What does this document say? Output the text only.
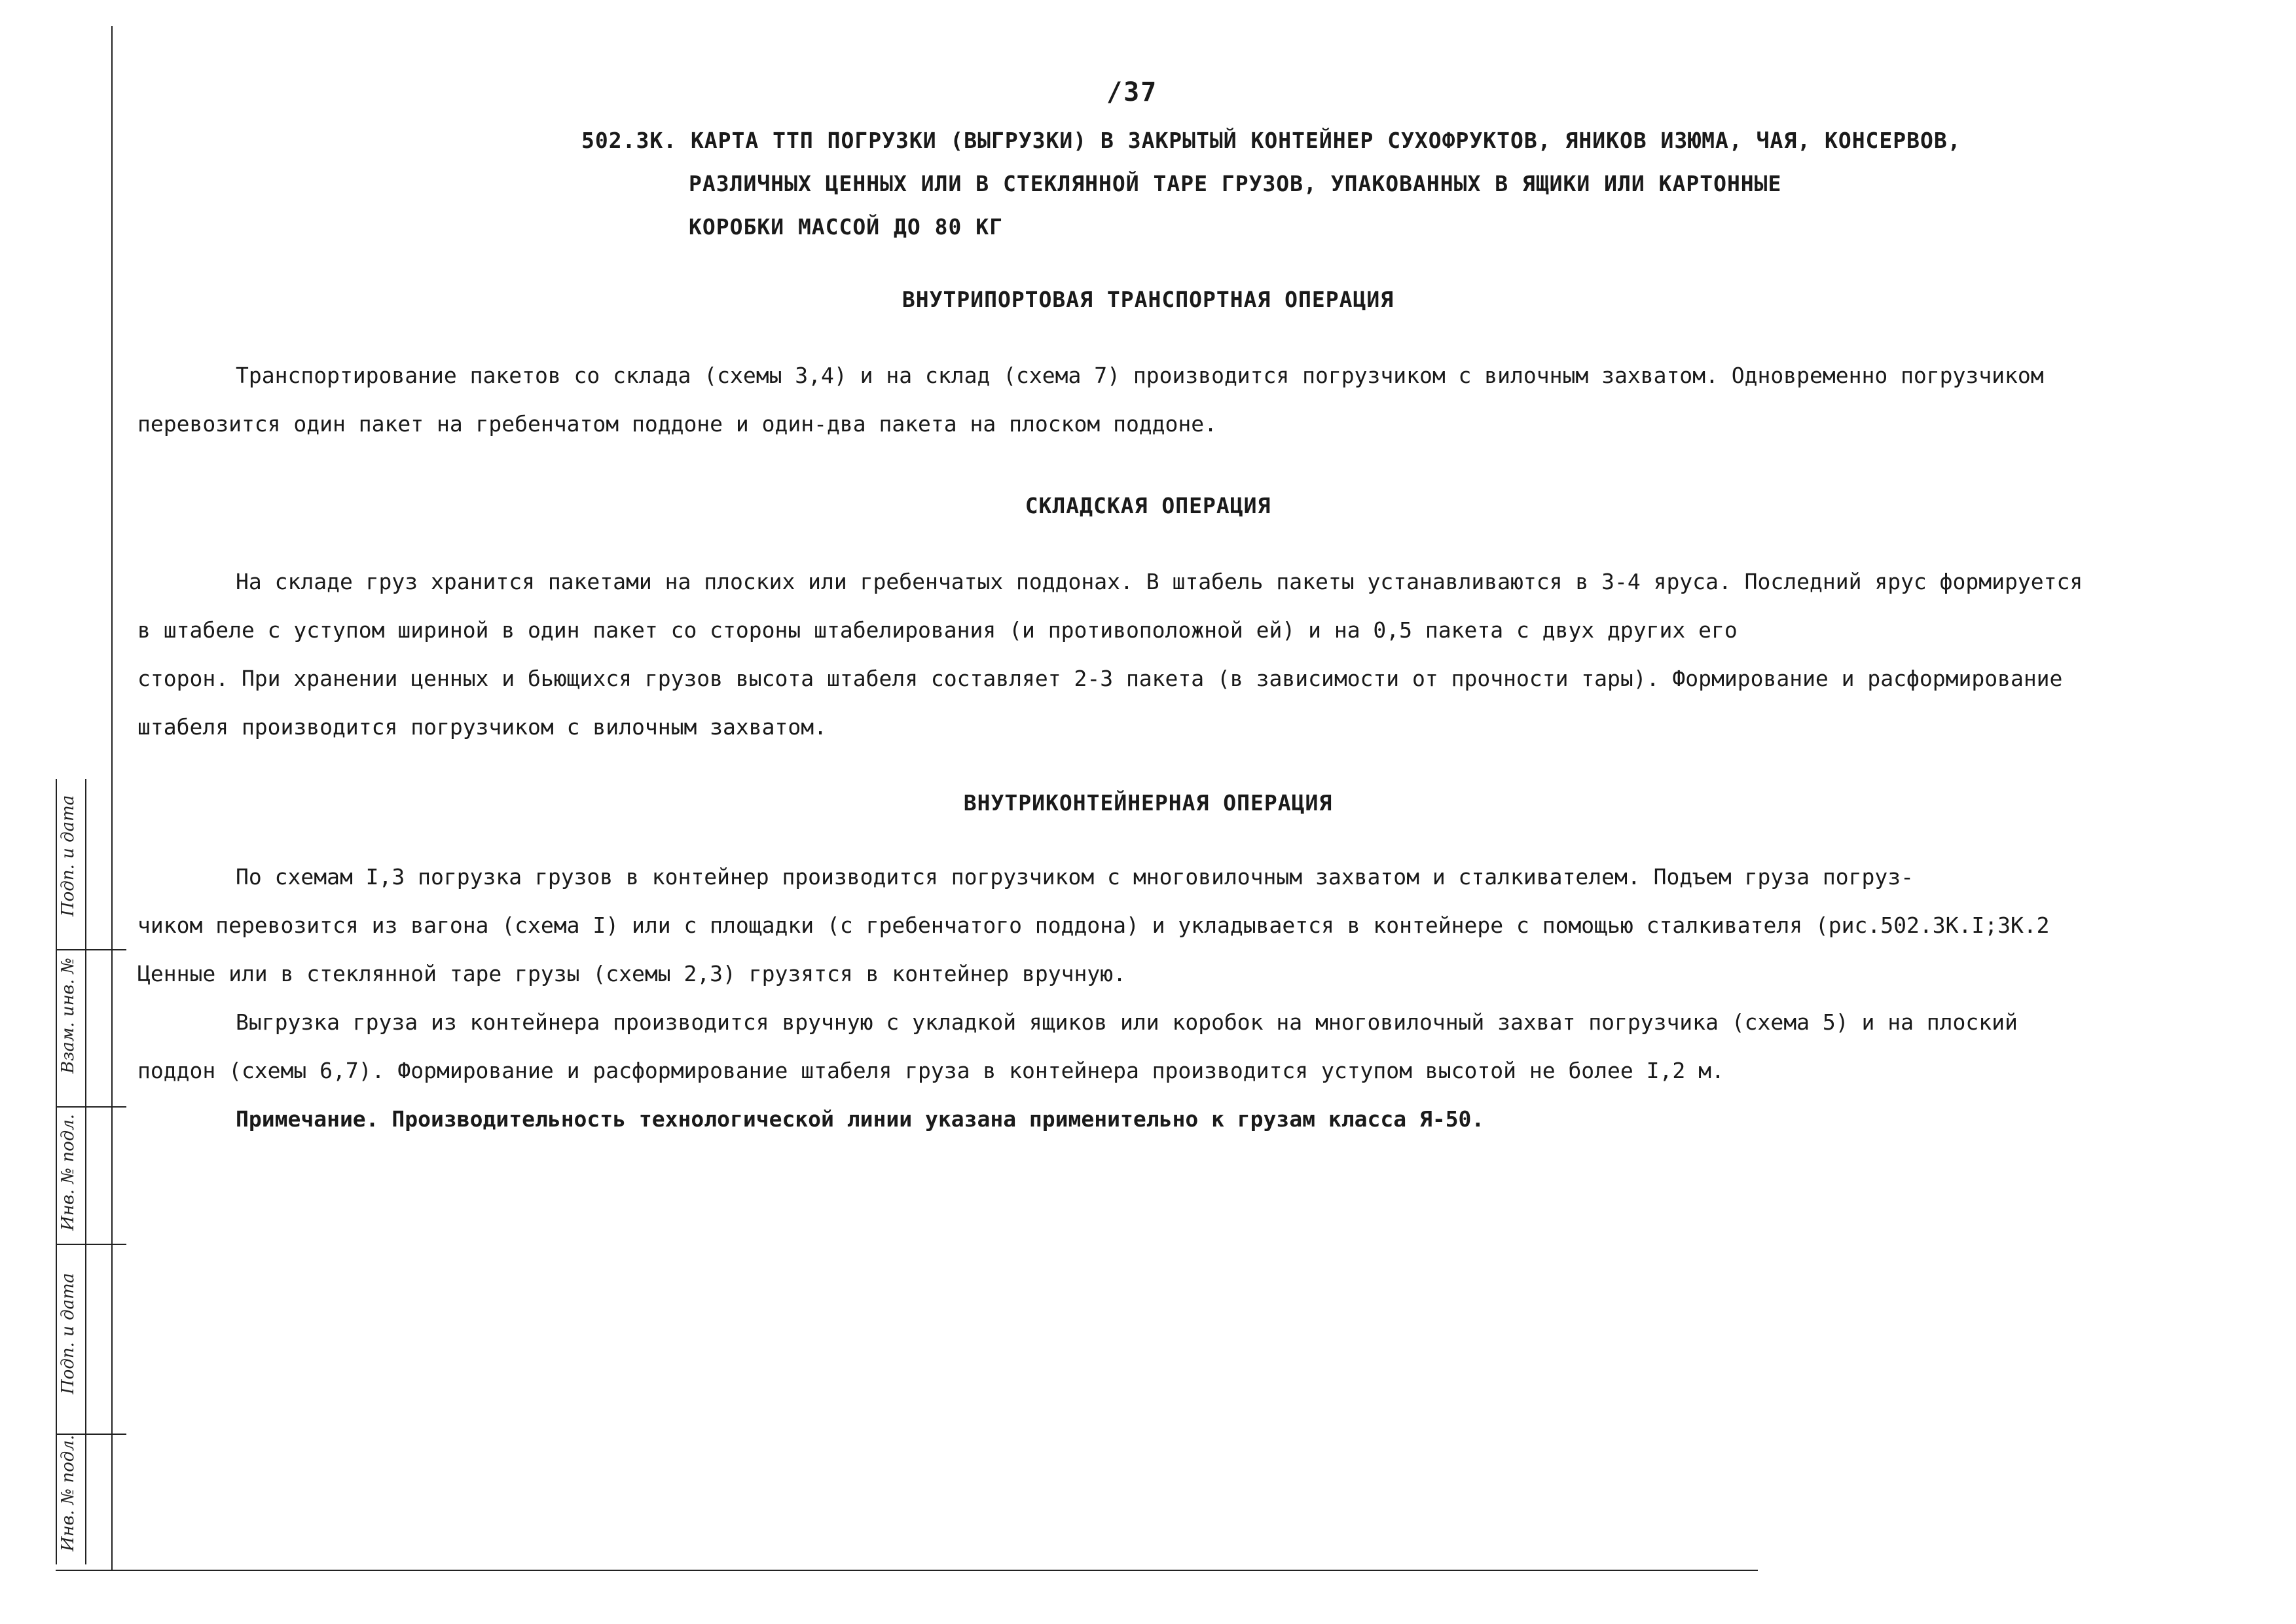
Подп. и дата
Взам. инв. №
Инв. № подл.
Подп. и дата
Инв. № подл.
/37
502.3К. КАРТА ТТП ПОГРУЗКИ (ВЫГРУЗКИ) В ЗАКРЫТЫЙ КОНТЕЙНЕР СУХОФРУКТОВ, ЯНИКОВ ИЗЮМА, ЧАЯ, КОНСЕРВОВ,
РАЗЛИЧНЫХ ЦЕННЫХ ИЛИ В СТЕКЛЯННОЙ ТАРЕ ГРУЗОВ, УПАКОВАННЫХ В ЯЩИКИ ИЛИ КАРТОННЫЕ
КОРОБКИ МАССОЙ ДО 80 КГ
ВНУТРИПОРТОВАЯ ТРАНСПОРТНАЯ ОПЕРАЦИЯ
Транспортирование пакетов со склада (схемы 3,4) и на склад (схема 7) производится погрузчиком с вилочным захватом. Одновременно погрузчиком
перевозится один пакет на гребенчатом поддоне и один-два пакета на плоском поддоне.
СКЛАДСКАЯ ОПЕРАЦИЯ
На складе груз хранится пакетами на плоских или гребенчатых поддонах. В штабель пакеты устанавливаются в 3-4 яруса. Последний ярус формируется
в штабеле с уступом шириной в один пакет со стороны штабелирования (и противоположной ей) и на 0,5 пакета с двух других его
сторон. При хранении ценных и бьющихся грузов высота штабеля составляет 2-3 пакета (в зависимости от прочности тары). Формирование и расформирование
штабеля производится погрузчиком с вилочным захватом.
ВНУТРИКОНТЕЙНЕРНАЯ ОПЕРАЦИЯ
По схемам I,3 погрузка грузов в контейнер производится погрузчиком с многовилочным захватом и сталкивателем. Подъем груза погруз-
чиком перевозится из вагона (схема I) или с площадки (с гребенчатого поддона) и укладывается в контейнере с помощью сталкивателя (рис.502.3К.I;3К.2
Ценные или в стеклянной таре грузы (схемы 2,3) грузятся в контейнер вручную.
Выгрузка груза из контейнера производится вручную с укладкой ящиков или коробок на многовилочный захват погрузчика (схема 5) и на плоский
поддон (схемы 6,7). Формирование и расформирование штабеля груза в контейнера производится уступом высотой не более I,2 м.
Примечание. Производительность технологической линии указана применительно к грузам класса Я-50.
